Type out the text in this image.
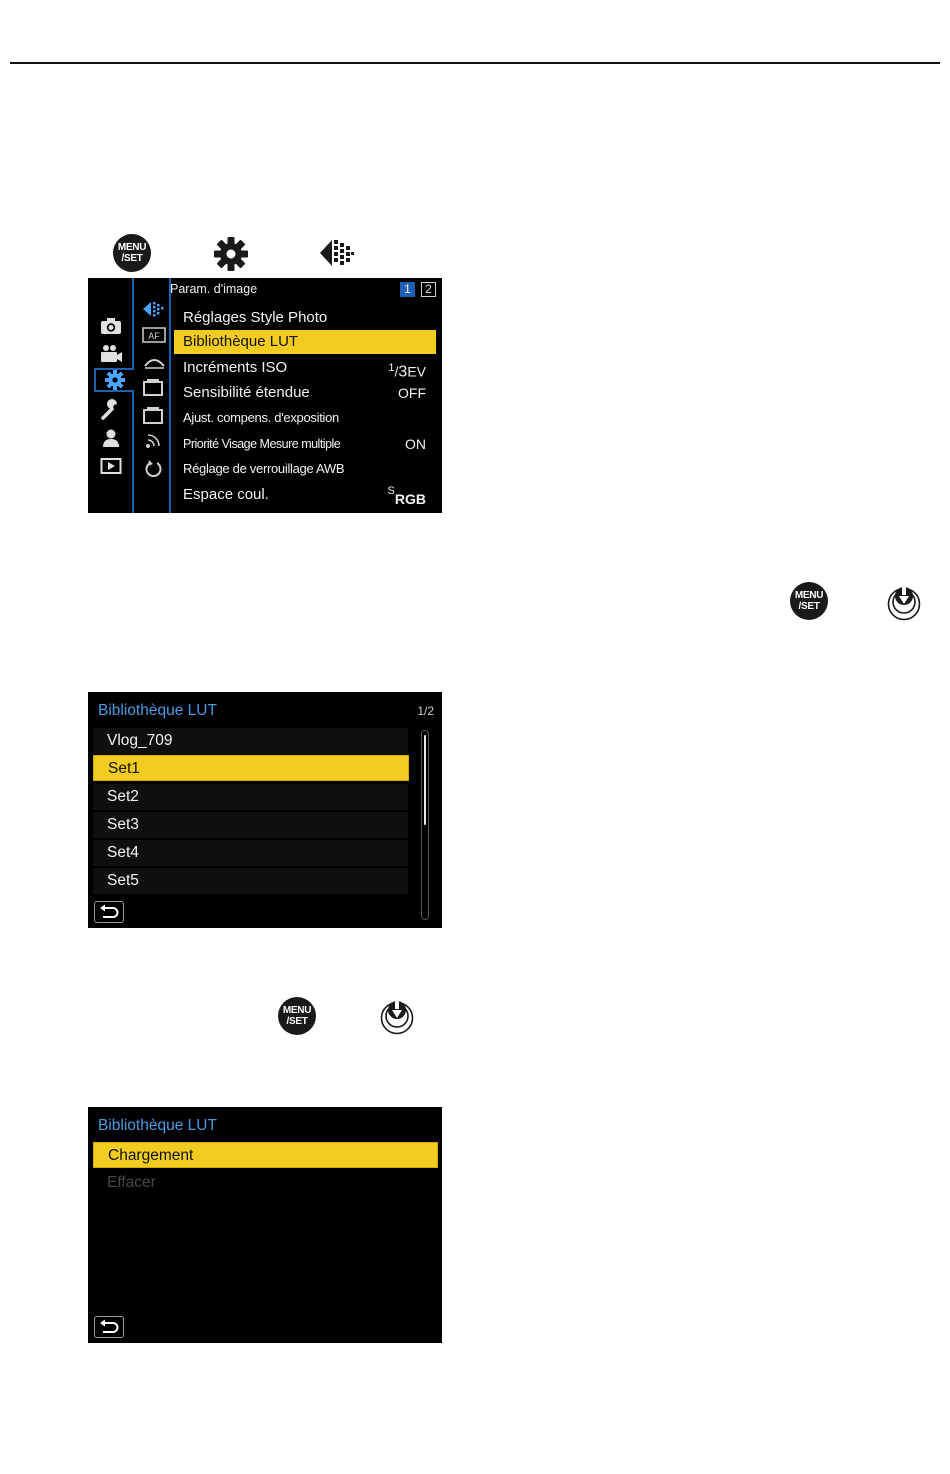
MENU
/SET
AF
Param. d'image	1	2
Réglages Style Photo
Bibliothèque LUT
Incréments ISO	$^1$/3EV
Sensibilité étendue	OFF
Ajust. compens. d'exposition
Priorité Visage Mesure multiple	ON
Réglage de verrouillage AWB
Espace coul.	$^S$RGB
MENU
/SET
Bibliothèque LUT	1/2
Vlog_709
Set1
Set2
Set3
Set4
Set5
MENU
/SET
Bibliothèque LUT
Chargement
Effacer
